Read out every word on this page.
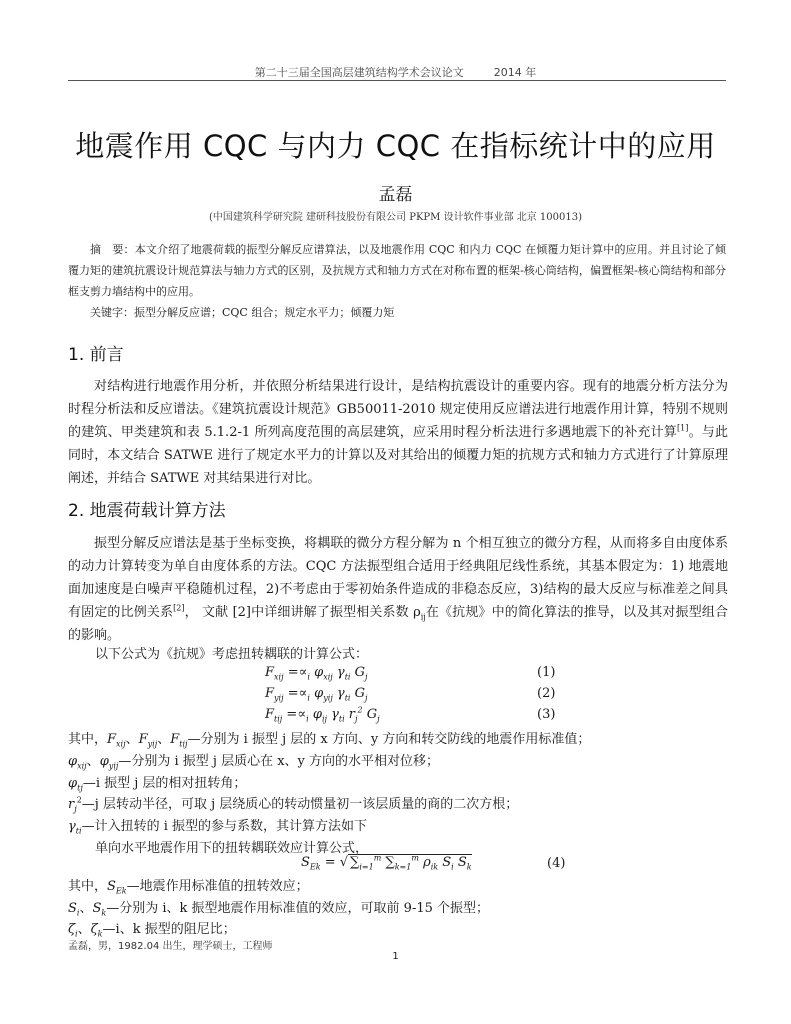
第二十三届全国高层建筑结构学术会议论文	2014 年
地震作用 CQC 与内力 CQC 在指标统计中的应用
孟磊
(中国建筑科学研究院 建研科技股份有限公司 PKPM 设计软件事业部 北京 100013)
摘　要：本文介绍了地震荷载的振型分解反应谱算法，以及地震作用 CQC 和内力 CQC 在倾覆力矩计算中的应用。并且讨论了倾覆力矩的建筑抗震设计规范算法与轴力方式的区别，及抗规方式和轴力方式在对称布置的框架-核心筒结构，偏置框架-核心筒结构和部分框支剪力墙结构中的应用。
关键字：振型分解反应谱；CQC 组合；规定水平力；倾覆力矩
1. 前言
对结构进行地震作用分析，并依照分析结果进行设计，是结构抗震设计的重要内容。现有的地震分析方法分为时程分析法和反应谱法。《建筑抗震设计规范》GB50011-2010 规定使用反应谱法进行地震作用计算，特别不规则的建筑、甲类建筑和表 5.1.2-1 所列高度范围的高层建筑，应采用时程分析法进行多遇地震下的补充计算[1]。与此同时，本文结合 SATWE 进行了规定水平力的计算以及对其给出的倾覆力矩的抗规方式和轴力方式进行了计算原理阐述，并结合 SATWE 对其结果进行对比。
2. 地震荷载计算方法
振型分解反应谱法是基于坐标变换，将耦联的微分方程分解为 n 个相互独立的微分方程，从而将多自由度体系的动力计算转变为单自由度体系的方法。CQC 方法振型组合适用于经典阻尼线性系统，其基本假定为：1) 地震地面加速度是白噪声平稳随机过程，2)不考虑由于零初始条件造成的非稳态反应，3)结构的最大反应与标准差之间具有固定的比例关系[2]， 文献 [2]中详细讲解了振型相关系数 $\rho_{ij}$在《抗规》中的简化算法的推导，以及其对振型组合的影响。
以下公式为《抗规》考虑扭转耦联的计算公式：
$F_{xij} =\propto_i$ $\varphi_{xij}$ $\gamma_{ti}$ $G_j$	(1)
$F_{yij} =\propto_i$ $\varphi_{yij}$ $\gamma_{ti}$ $G_j$	(2)
$F_{tij} =\propto_i$ $\varphi_{ij}$ $\gamma_{ti}$ $r_j^2$ $G_j$	(3)
其中，$F_{xij}$、$F_{yij}$、$F_{tij}—$分别为 i 振型 j 层的 x 方向、y 方向和转交防线的地震作用标准值；
$\varphi_{xij}$、$\varphi_{yij}—$分别为 i 振型 j 层质心在 x、y 方向的水平相对位移；
$\varphi_{tj}—i$ 振型 j 层的相对扭转角；
$r_j^2—j$ 层转动半径，可取 j 层绕质心的转动惯量初一该层质量的商的二次方根；
$\gamma_{ti}—$计入扭转的 i 振型的参与系数，其计算方法如下
单向水平地震作用下的扭转耦联效应计算公式，
$S_{Ek}$ = √ $\sum_{i=1}^m$ $\sum_{k=1}^m$ $\rho_{ik}$ $S_i$ $S_k$	(4)
其中，$S_{Ek}—$地震作用标准值的扭转效应；
$S_i$、$S_k—$分别为 i、k 振型地震作用标准值的效应，可取前 9-15 个振型；
$\zeta_i$、$\zeta_k—i$、k 振型的阻尼比；
孟磊，男，1982.04 出生，理学硕士，工程师
1
